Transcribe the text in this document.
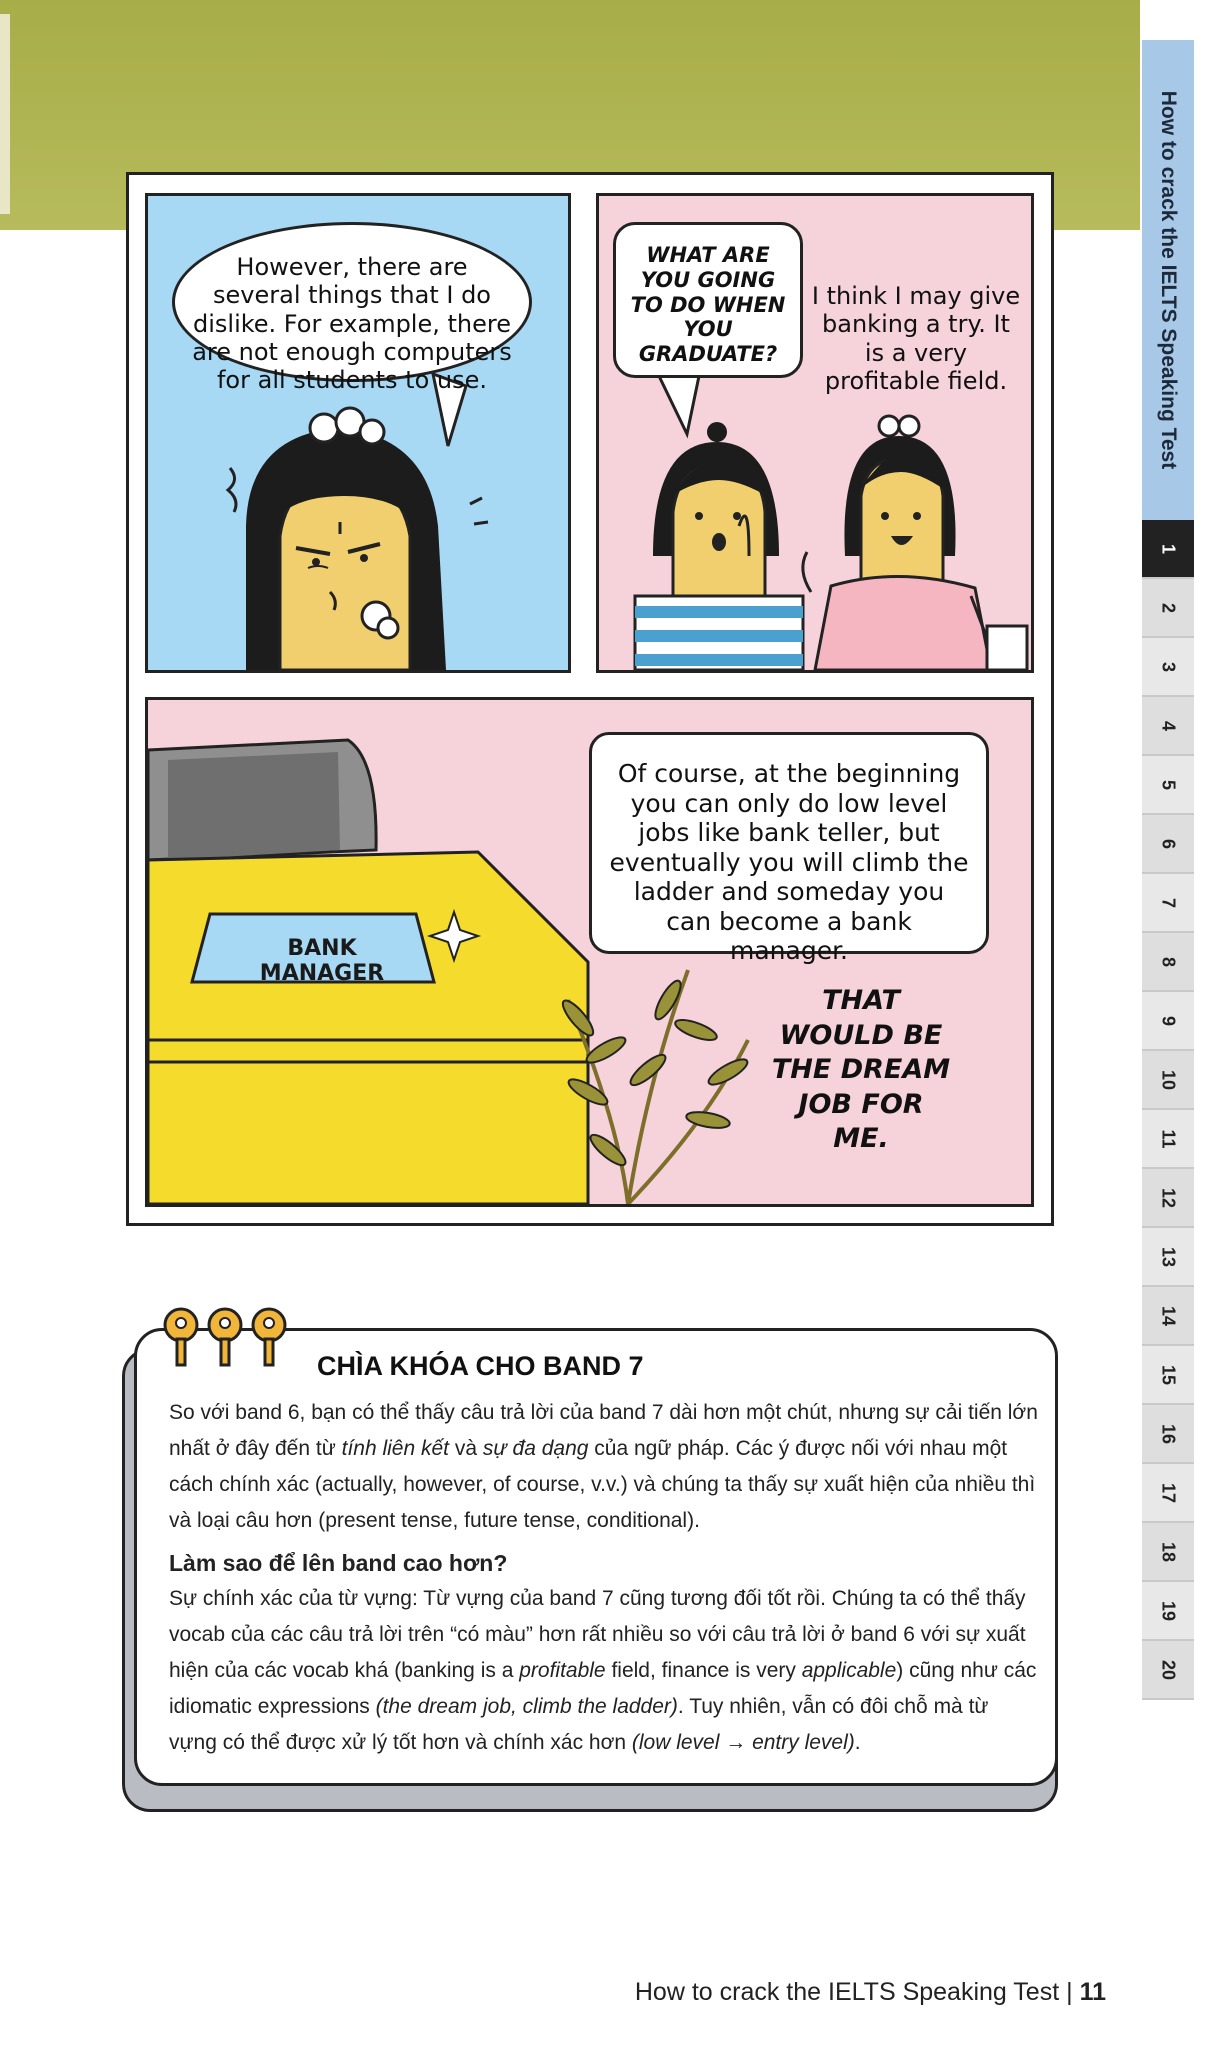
How to crack the IELTS Speaking Test
1
2
3
4
5
6
7
8
9
10
11
12
13
14
15
16
17
18
19
20
However, there are several things that I do dislike. For example, there are not enough computers for all students to use.
WHAT ARE YOU GOING TO DO WHEN YOU GRADUATE?
I think I may give banking a try. It is a very profitable field.
BANK MANAGER
Of course, at the beginning you can only do low level jobs like bank teller, but eventually you will climb the ladder and someday you can become a bank manager.
THAT WOULD BE THE DREAM JOB FOR ME.
CHÌA KHÓA CHO BAND 7

So với band 6, bạn có thể thấy câu trả lời của band 7 dài hơn một chút, nhưng sự cải tiến lớn nhất ở đây đến từ tính liên kết và sự đa dạng của ngữ pháp. Các ý được nối với nhau một cách chính xác (actually, however, of course, v.v.) và chúng ta thấy sự xuất hiện của nhiều thì và loại câu hơn (present tense, future tense, conditional).

Làm sao để lên band cao hơn?

Sự chính xác của từ vựng: Từ vựng của band 7 cũng tương đối tốt rồi. Chúng ta có thể thấy vocab của các câu trả lời trên “có màu” hơn rất nhiều so với câu trả lời ở band 6 với sự xuất hiện của các vocab khá (banking is a profitable field, finance is very applicable) cũng như các idiomatic expressions (the dream job, climb the ladder). Tuy nhiên, vẫn có đôi chỗ mà từ vựng có thể được xử lý tốt hơn và chính xác hơn (low level → entry level).

How to crack the IELTS Speaking Test | 11
